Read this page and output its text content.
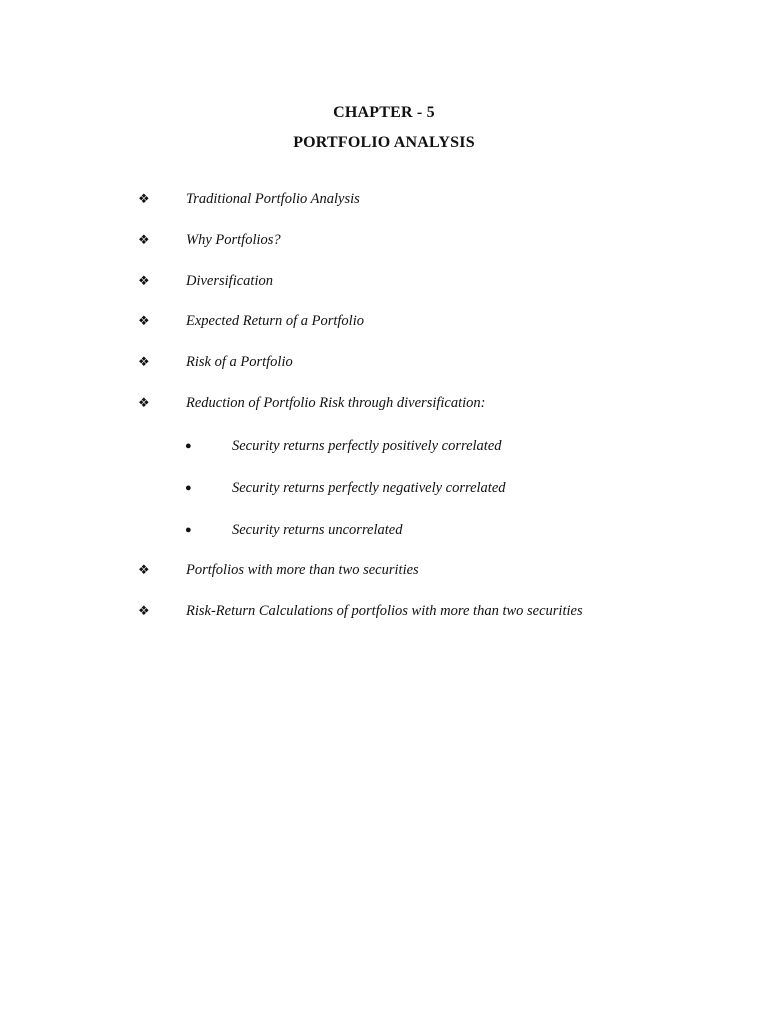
CHAPTER - 5
PORTFOLIO ANALYSIS
❖	Traditional Portfolio Analysis
❖	Why Portfolios?
❖	Diversification
❖	Expected Return of a Portfolio
❖	Risk of a Portfolio
❖	Reduction of Portfolio Risk through diversification:
●	Security returns perfectly positively correlated
●	Security returns perfectly negatively correlated
●	Security returns uncorrelated
❖	Portfolios with more than two securities
❖	Risk-Return Calculations of portfolios with more than two securities
